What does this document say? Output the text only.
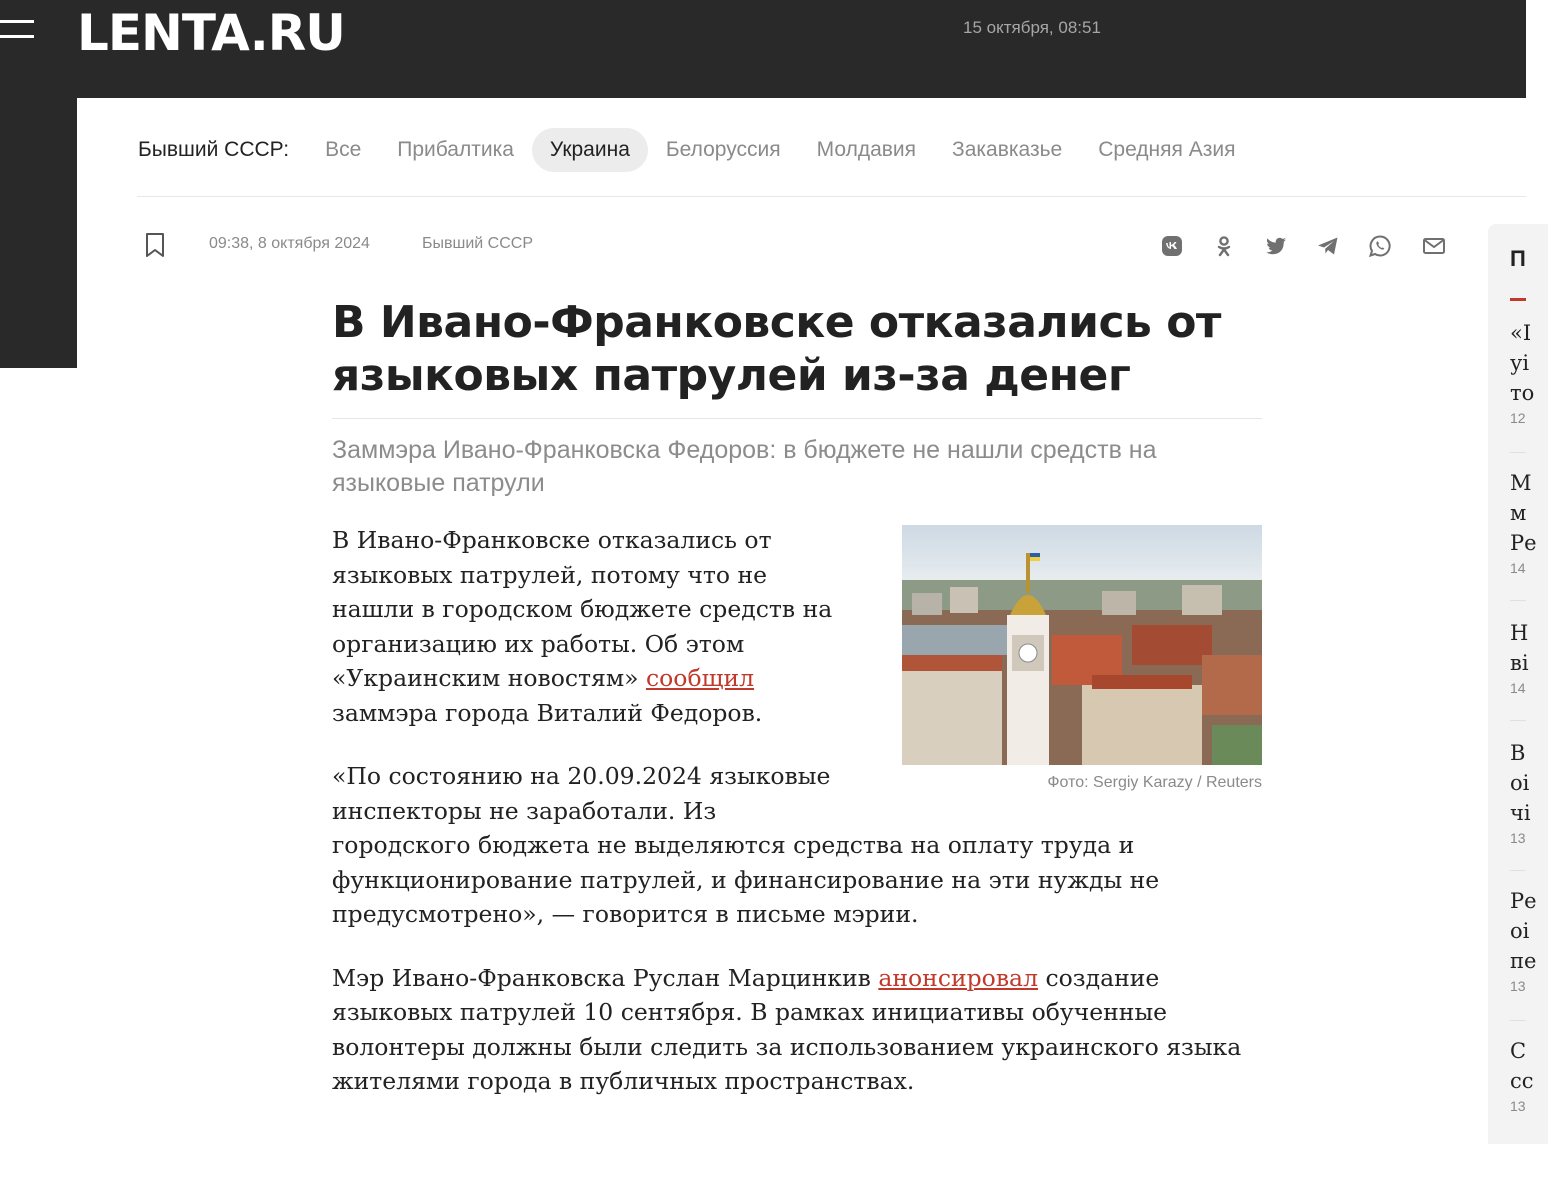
LENTA.RU	15 октября, 08:51
Бывший СССР:	Все	Прибалтика	Украина	Белоруссия	Молдавия	Закавказье	Средняя Азия
09:38, 8 октября 2024	Бывший СССР
В Ивано-Франковске отказались от языковых патрулей из-за денег
Заммэра Ивано-Франковска Федоров: в бюджете не нашли средств на языковые патрули
Фото: Sergiy Karazy / Reuters

В Ивано-Франковске отказались от языковых патрулей, потому что не нашли в городском бюджете средств на организацию их работы. Об этом «Украинским новостям» сообщил заммэра города Виталий Федоров.

«По состоянию на 20.09.2024 языковые инспекторы не заработали. Из городского бюджета не выделяются средства на оплату труда и функционирование патрулей, и финансирование на эти нужды не предусмотрено», — говорится в письме мэрии.

Мэр Ивано-Франковска Руслан Марцинкив анонсировал создание языковых патрулей 10 сентября. В рамках инициативы обученные волонтеры должны были следить за использованием украинского языка жителями города в публичных пространствах.

П
«I уі то
12
М м Ре
14
Н ві
14
В оі чі
13
Ре оі пе
13
С сс
13
